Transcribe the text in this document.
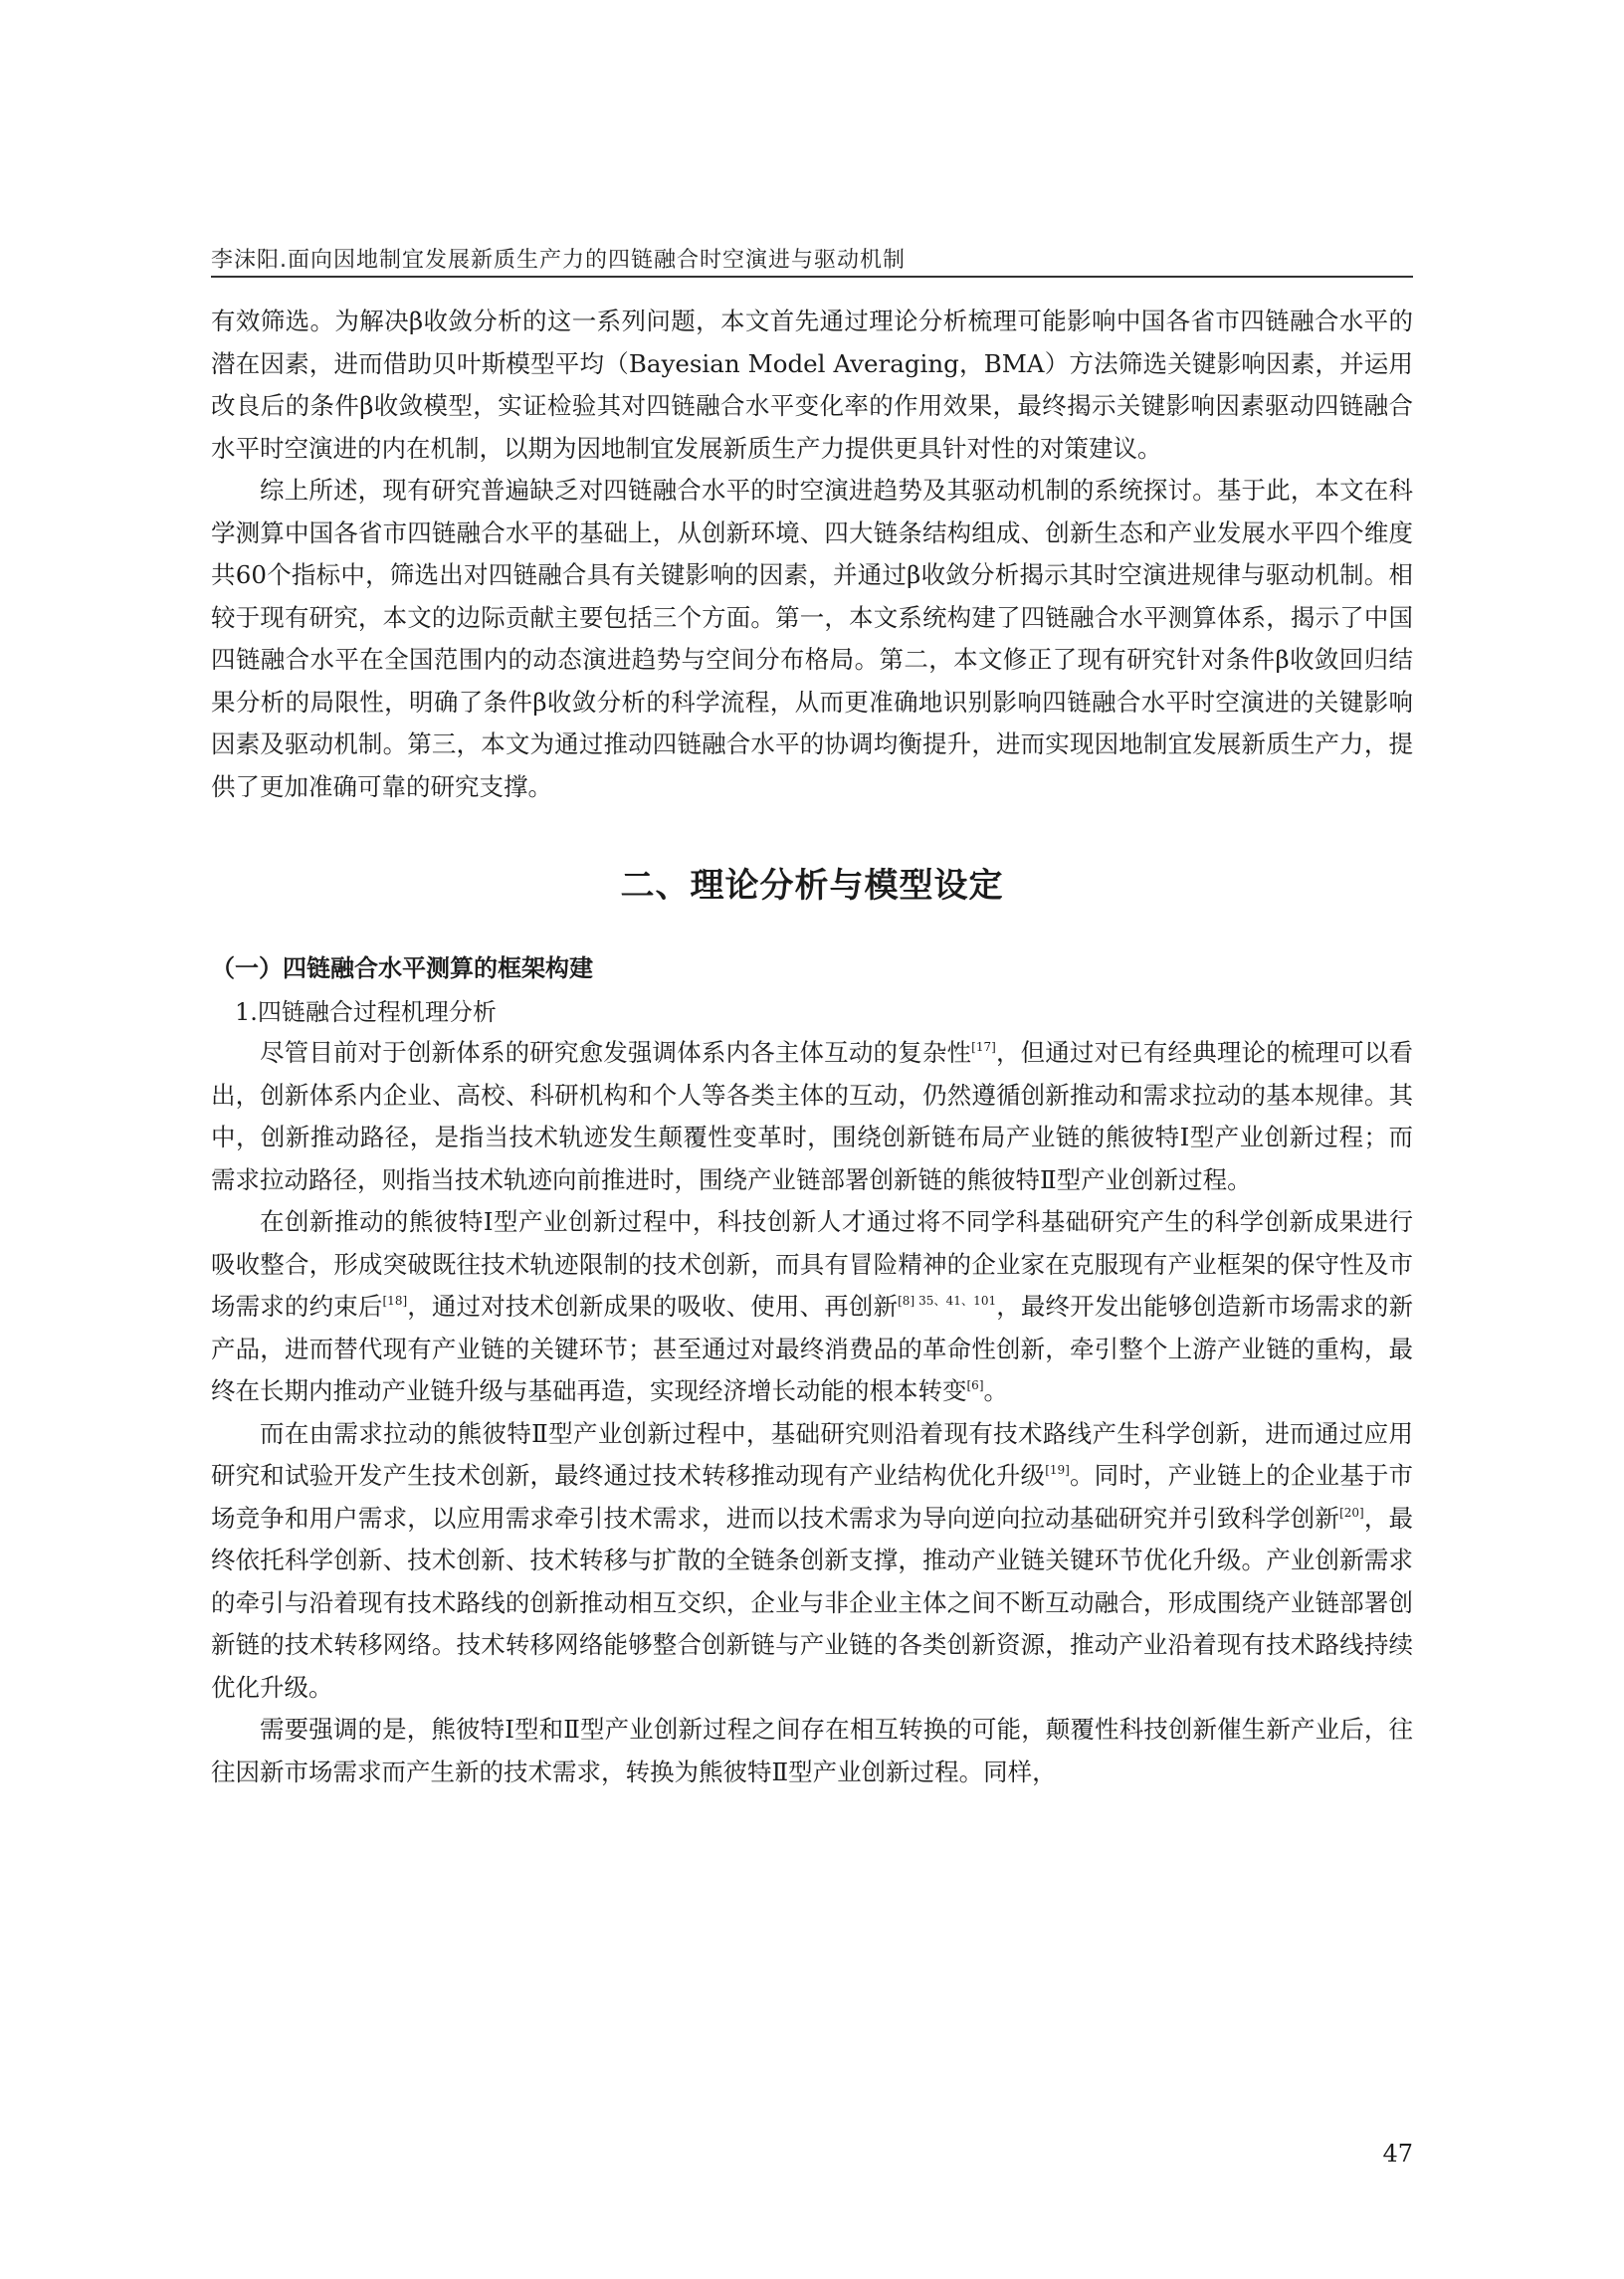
李沫阳.面向因地制宜发展新质生产力的四链融合时空演进与驱动机制

有效筛选。为解决β收敛分析的这一系列问题，本文首先通过理论分析梳理可能影响中国各省市四链融合水平的潜在因素，进而借助贝叶斯模型平均（Bayesian Model Averaging，BMA）方法筛选关键影响因素，并运用改良后的条件β收敛模型，实证检验其对四链融合水平变化率的作用效果，最终揭示关键影响因素驱动四链融合水平时空演进的内在机制，以期为因地制宜发展新质生产力提供更具针对性的对策建议。

综上所述，现有研究普遍缺乏对四链融合水平的时空演进趋势及其驱动机制的系统探讨。基于此，本文在科学测算中国各省市四链融合水平的基础上，从创新环境、四大链条结构组成、创新生态和产业发展水平四个维度共60个指标中，筛选出对四链融合具有关键影响的因素，并通过β收敛分析揭示其时空演进规律与驱动机制。相较于现有研究，本文的边际贡献主要包括三个方面。第一，本文系统构建了四链融合水平测算体系，揭示了中国四链融合水平在全国范围内的动态演进趋势与空间分布格局。第二，本文修正了现有研究针对条件β收敛回归结果分析的局限性，明确了条件β收敛分析的科学流程，从而更准确地识别影响四链融合水平时空演进的关键影响因素及驱动机制。第三，本文为通过推动四链融合水平的协调均衡提升，进而实现因地制宜发展新质生产力，提供了更加准确可靠的研究支撑。

二、理论分析与模型设定
（一）四链融合水平测算的框架构建
1.四链融合过程机理分析

尽管目前对于创新体系的研究愈发强调体系内各主体互动的复杂性[17]，但通过对已有经典理论的梳理可以看出，创新体系内企业、高校、科研机构和个人等各类主体的互动，仍然遵循创新推动和需求拉动的基本规律。其中，创新推动路径，是指当技术轨迹发生颠覆性变革时，围绕创新链布局产业链的熊彼特Ⅰ型产业创新过程；而需求拉动路径，则指当技术轨迹向前推进时，围绕产业链部署创新链的熊彼特Ⅱ型产业创新过程。

在创新推动的熊彼特Ⅰ型产业创新过程中，科技创新人才通过将不同学科基础研究产生的科学创新成果进行吸收整合，形成突破既往技术轨迹限制的技术创新，而具有冒险精神的企业家在克服现有产业框架的保守性及市场需求的约束后[18]，通过对技术创新成果的吸收、使用、再创新$^{[8] 35、41、101}$，最终开发出能够创造新市场需求的新产品，进而替代现有产业链的关键环节；甚至通过对最终消费品的革命性创新，牵引整个上游产业链的重构，最终在长期内推动产业链升级与基础再造，实现经济增长动能的根本转变[6]。

而在由需求拉动的熊彼特Ⅱ型产业创新过程中，基础研究则沿着现有技术路线产生科学创新，进而通过应用研究和试验开发产生技术创新，最终通过技术转移推动现有产业结构优化升级[19]。同时，产业链上的企业基于市场竞争和用户需求，以应用需求牵引技术需求，进而以技术需求为导向逆向拉动基础研究并引致科学创新[20]，最终依托科学创新、技术创新、技术转移与扩散的全链条创新支撑，推动产业链关键环节优化升级。产业创新需求的牵引与沿着现有技术路线的创新推动相互交织，企业与非企业主体之间不断互动融合，形成围绕产业链部署创新链的技术转移网络。技术转移网络能够整合创新链与产业链的各类创新资源，推动产业沿着现有技术路线持续优化升级。

需要强调的是，熊彼特Ⅰ型和Ⅱ型产业创新过程之间存在相互转换的可能，颠覆性科技创新催生新产业后，往往因新市场需求而产生新的技术需求，转换为熊彼特Ⅱ型产业创新过程。同样，

47
